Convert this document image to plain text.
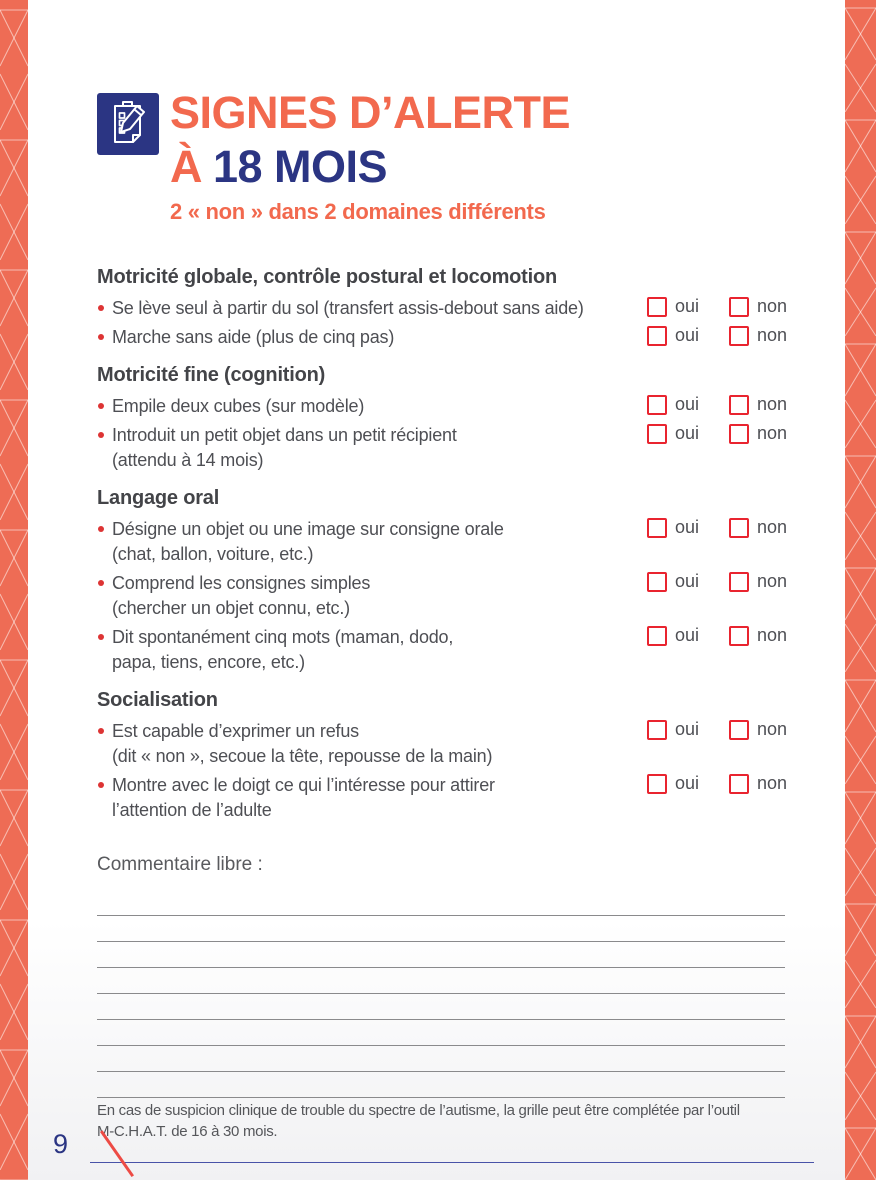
SIGNES D’ALERTE
À 18 MOIS
2 « non » dans 2 domaines différents
Motricité globale, contrôle postural et locomotion
Se lève seul à partir du sol (transfert assis-debout sans aide)	oui	non
Marche sans aide (plus de cinq pas)	oui	non
Motricité fine (cognition)
Empile deux cubes (sur modèle)	oui	non
Introduit un petit objet dans un petit récipient
(attendu à 14 mois)
oui	non
Langage oral
Désigne un objet ou une image sur consigne orale
(chat, ballon, voiture, etc.)
oui	non
Comprend les consignes simples
(chercher un objet connu, etc.)
oui	non
Dit spontanément cinq mots (maman, dodo,
papa, tiens, encore, etc.)
oui	non
Socialisation
Est capable d’exprimer un refus
(dit « non », secoue la tête, repousse de la main)
oui	non
Montre avec le doigt ce qui l’intéresse pour attirer
l’attention de l’adulte
oui	non
Commentaire libre :
En cas de suspicion clinique de trouble du spectre de l’autisme, la grille peut être complétée par l’outil
M-C.H.A.T. de 16 à 30 mois.
9
